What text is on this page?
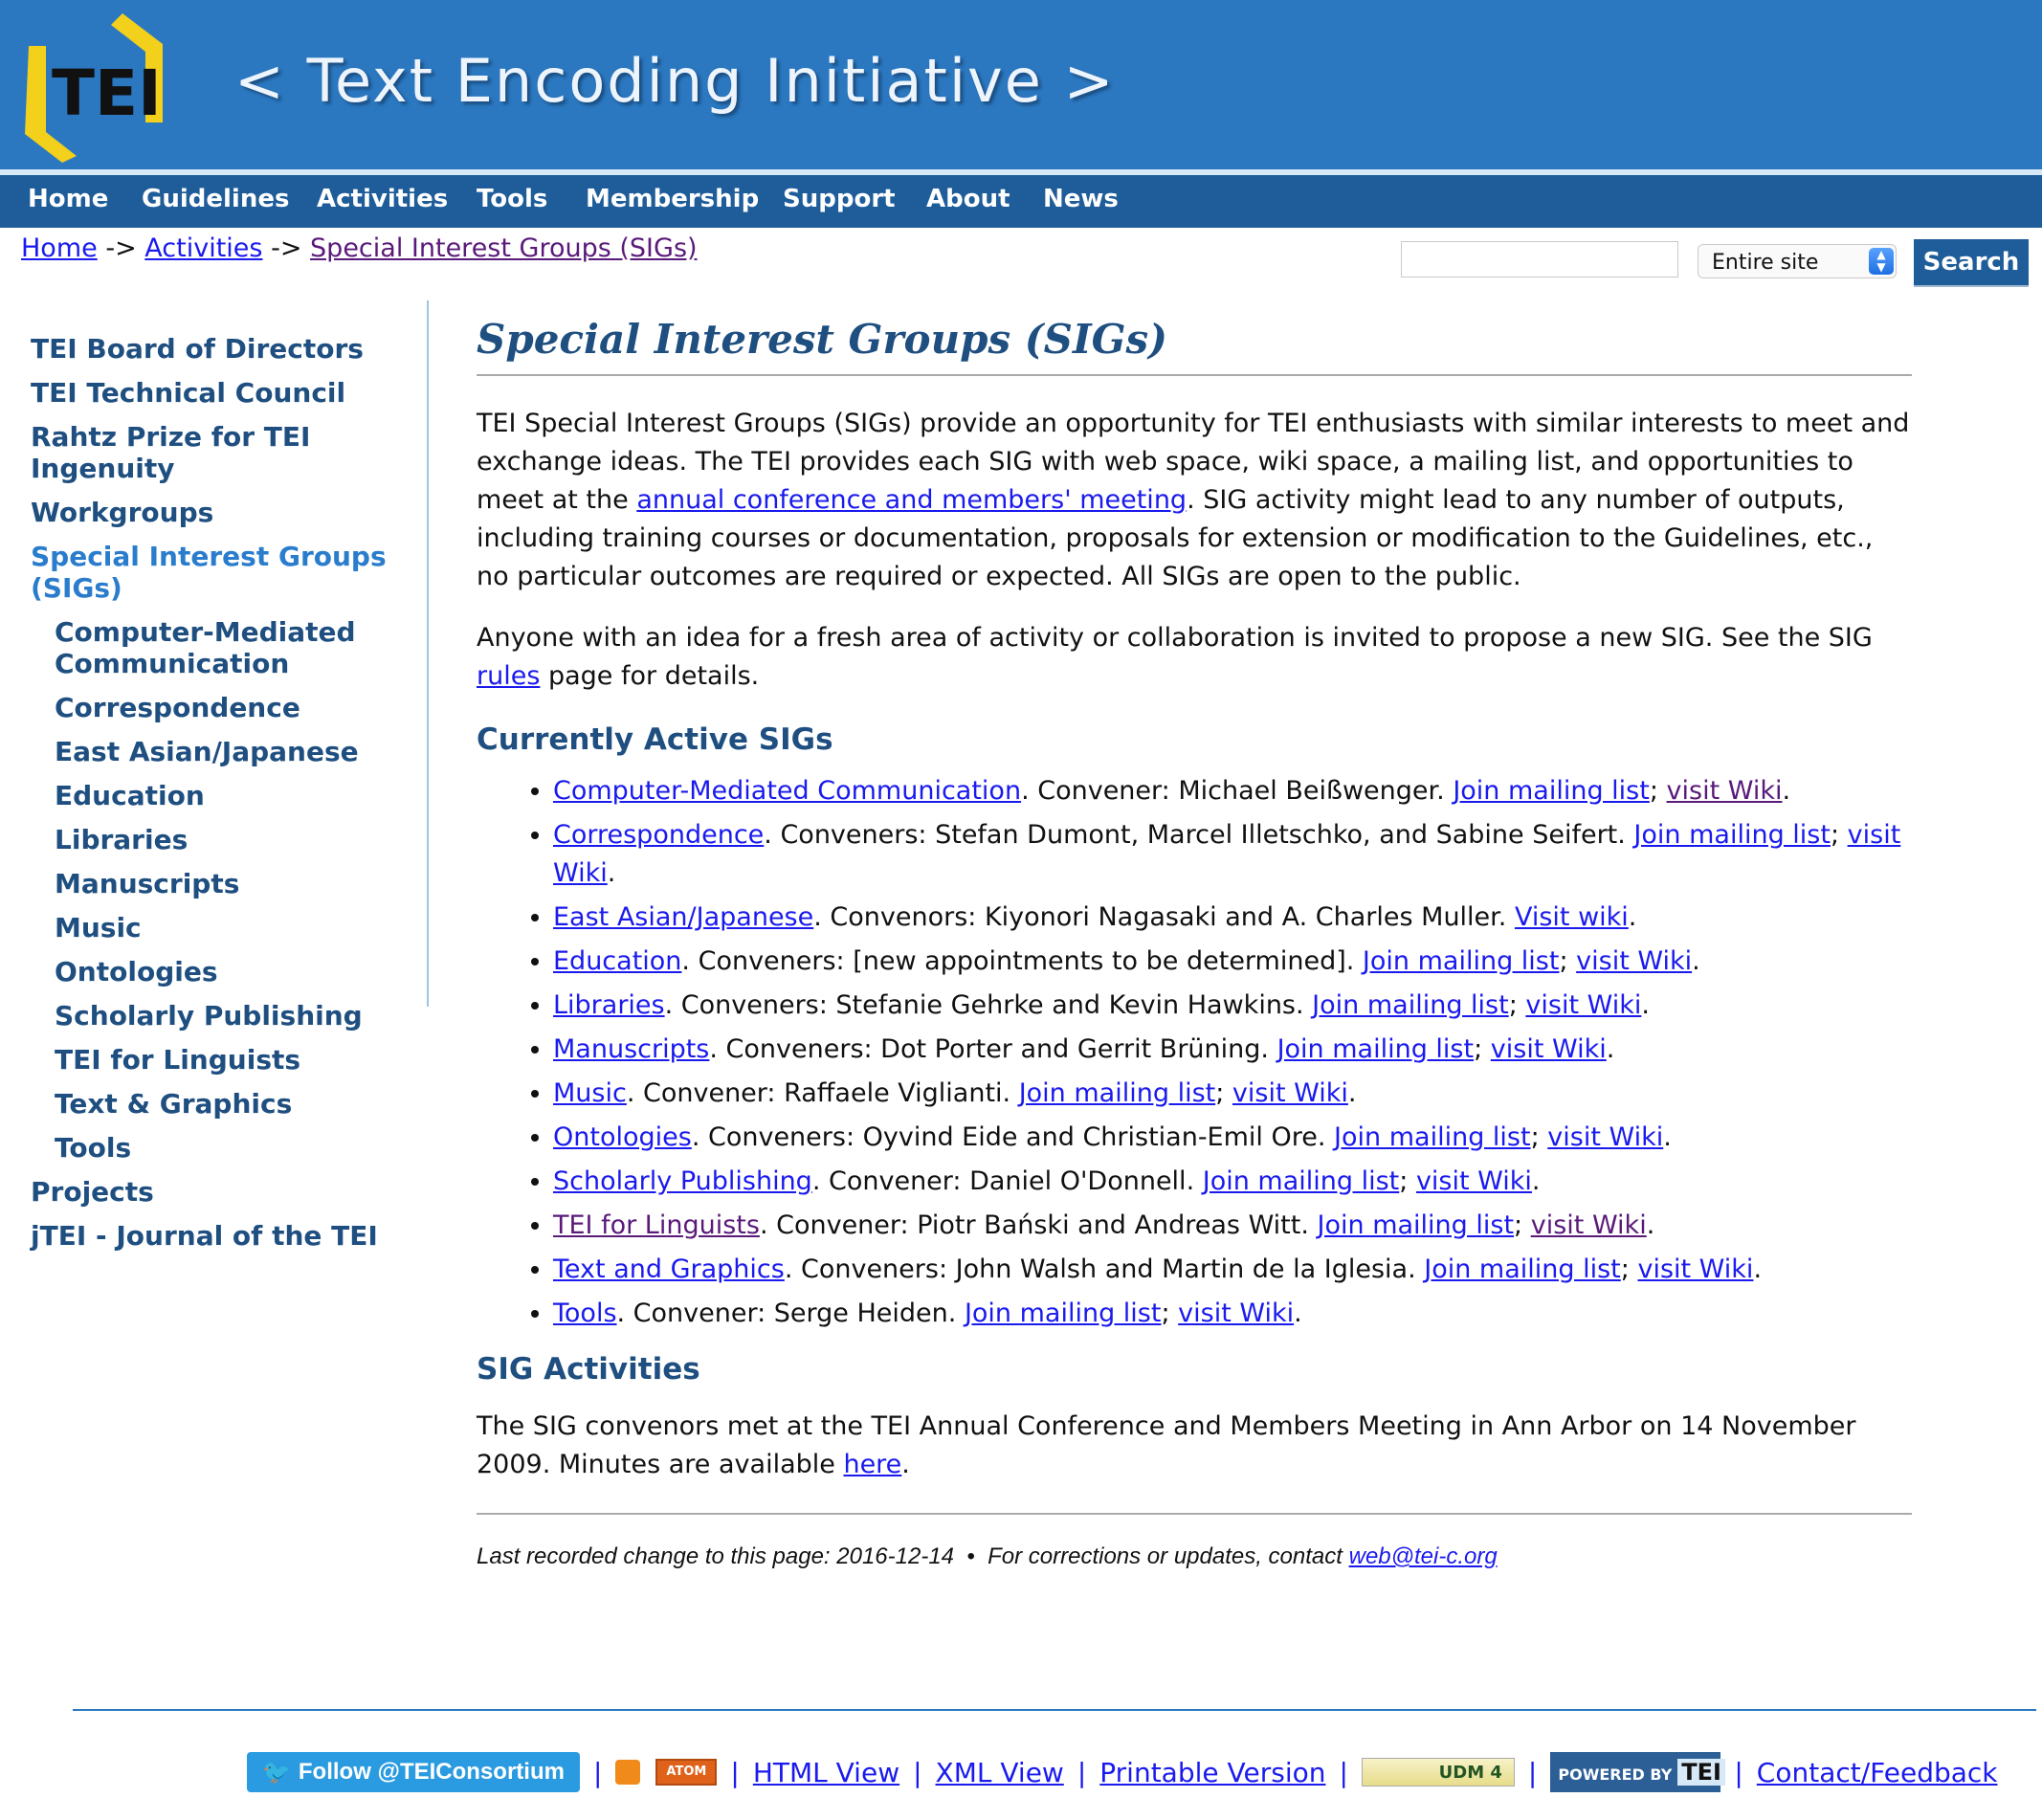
TEI < Text Encoding Initiative >
Home Guidelines Activities Tools Membership Support About News
Home -> Activities -> Special Interest Groups (SIGs)	Entire site	▲
▼	Search
TEI Board of Directors
TEI Technical Council
Rahtz Prize for TEI Ingenuity
Workgroups
Special Interest Groups (SIGs)
Computer-Mediated Communication
Correspondence
East Asian/Japanese
Education
Libraries
Manuscripts
Music
Ontologies
Scholarly Publishing
TEI for Linguists
Text & Graphics
Tools
Projects
jTEI - Journal of the TEI
Special Interest Groups (SIGs)

TEI Special Interest Groups (SIGs) provide an opportunity for TEI enthusiasts with similar interests to meet and exchange ideas. The TEI provides each SIG with web space, wiki space, a mailing list, and opportunities to meet at the annual conference and members' meeting. SIG activity might lead to any number of outputs, including training courses or documentation, proposals for extension or modification to the Guidelines, etc., no particular outcomes are required or expected. All SIGs are open to the public.

Anyone with an idea for a fresh area of activity or collaboration is invited to propose a new SIG. See the SIG rules page for details.

Currently Active SIGs
• Computer-Mediated Communication. Convener: Michael Beißwenger. Join mailing list; visit Wiki.
• Correspondence. Conveners: Stefan Dumont, Marcel Illetschko, and Sabine Seifert. Join mailing list; visit Wiki.
• East Asian/Japanese. Convenors: Kiyonori Nagasaki and A. Charles Muller. Visit wiki.
• Education. Conveners: [new appointments to be determined]. Join mailing list; visit Wiki.
• Libraries. Conveners: Stefanie Gehrke and Kevin Hawkins. Join mailing list; visit Wiki.
• Manuscripts. Conveners: Dot Porter and Gerrit Brüning. Join mailing list; visit Wiki.
• Music. Convener: Raffaele Viglianti. Join mailing list; visit Wiki.
• Ontologies. Conveners: Oyvind Eide and Christian-Emil Ore. Join mailing list; visit Wiki.
• Scholarly Publishing. Convener: Daniel O'Donnell. Join mailing list; visit Wiki.
• TEI for Linguists. Convener: Piotr Bański and Andreas Witt. Join mailing list; visit Wiki.
• Text and Graphics. Conveners: John Walsh and Martin de la Iglesia. Join mailing list; visit Wiki.
• Tools. Convener: Serge Heiden. Join mailing list; visit Wiki.
SIG Activities

The SIG convenors met at the TEI Annual Conference and Members Meeting in Ann Arbor on 14 November 2009. Minutes are available here.

Last recorded change to this page: 2016-12-14  •  For corrections or updates, contact web@tei-c.org
🐦 Follow @TEIConsortium |	ATOM | HTML View | XML View | Printable Version |	UDM 4 |	POWERED BY TEI | Contact/Feedback
